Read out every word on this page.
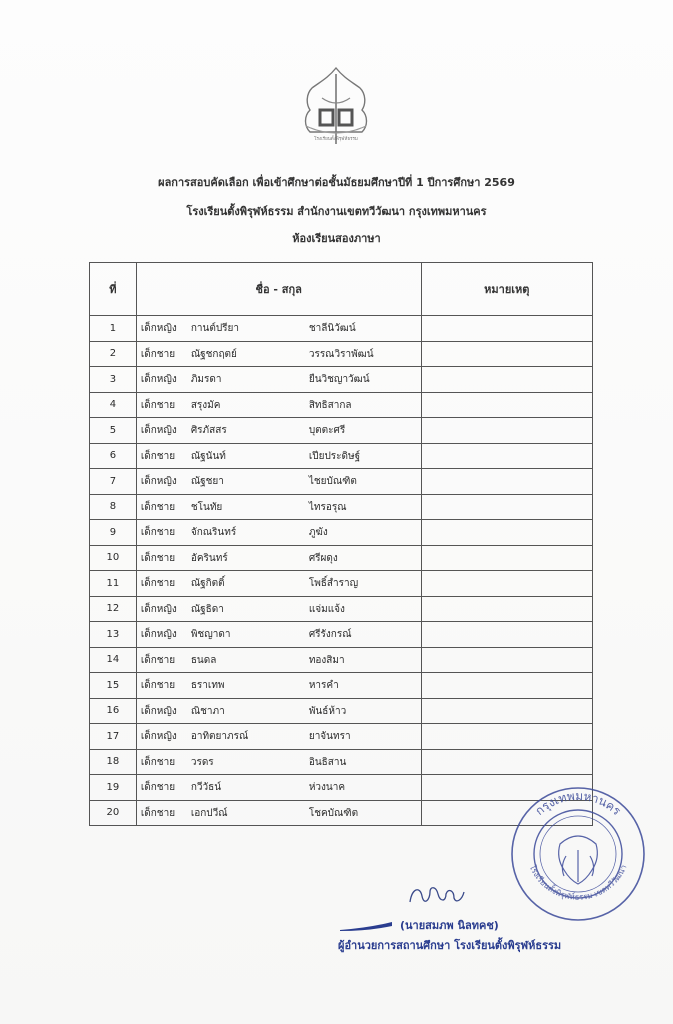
โรงเรียนตั้งพิรุฬห์ธรรม
ผลการสอบคัดเลือก เพื่อเข้าศึกษาต่อชั้นมัธยมศึกษาปีที่ 1 ปีการศึกษา 2569
โรงเรียนตั้งพิรุฬห์ธรรม สำนักงานเขตทวีวัฒนา กรุงเทพมหานคร
ห้องเรียนสองภาษา
ที่	ชื่อ - สกุล	หมายเหตุ
1	เด็กหญิง กานต์ปรียา ชาลีนิวัฒน์	

2	เด็กชาย ณัฐชกฤตย์ วรรณวิราพัฒน์	

3	เด็กหญิง ภิมรดา ยืนวิชญาวัฒน์	

4	เด็กชาย สรุงมัค สิทธิสากล	

5	เด็กหญิง ศิรภัสสร บุตตะศรี	

6	เด็กชาย ณัฐนันท์ เปียประดิษฐ์	

7	เด็กหญิง ณัฐชยา ไชยบัณฑิต	

8	เด็กชาย ชโนทัย ไทรอรุณ	

9	เด็กชาย จักณรินทร์ ภูฆัง	

10	เด็กชาย อัครินทร์ ศรีผดุง	

11	เด็กชาย ณัฐกิตติ์ โพธิ์สำราญ	

12	เด็กหญิง ณัฐธิดา แจ่มแจ้ง	

13	เด็กหญิง พิชญาดา ศรีรังกรณ์	

14	เด็กชาย ธนดล ทองสิมา	

15	เด็กชาย ธราเทพ หารคำ	

16	เด็กหญิง ณิชาภา พันธ์ห้าว	

17	เด็กหญิง อาทิตยาภรณ์ ยาจันทรา	

18	เด็กชาย วรดร อินธิสาน	

19	เด็กชาย กวีวัธน์ ห่วงนาค	

20	เด็กชาย เอกปวีณ์ โชคบัณฑิต	

(นายสมภพ นิลทคช)
ผู้อำนวยการสถานศึกษา โรงเรียนตั้งพิรุฬห์ธรรม
กรุงเทพมหานคร
โรงเรียนตั้งพิรุฬห์ธรรม เขตทวีวัฒนา
